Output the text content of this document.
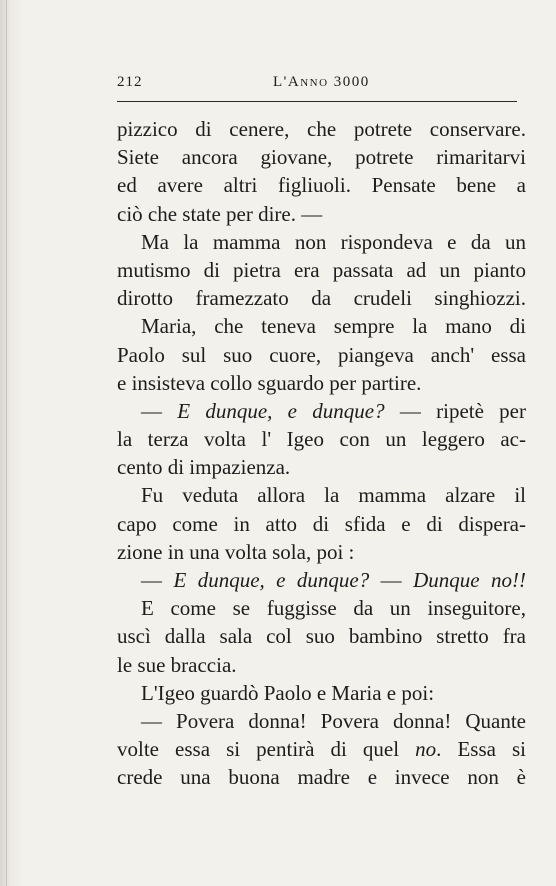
212	L'Anno 3000
pizzico di cenere, che potrete conservare.
Siete ancora giovane, potrete rimaritarvi
ed avere altri figliuoli. Pensate bene a
ciò che state per dire. —
Ma la mamma non rispondeva e da un
mutismo di pietra era passata ad un pianto
dirotto framezzato da crudeli singhiozzi.
Maria, che teneva sempre la mano di
Paolo sul suo cuore, piangeva anch' essa
e insisteva collo sguardo per partire.
— E dunque, e dunque? — ripetè per
la terza volta l' Igeo con un leggero ac-
cento di impazienza.
Fu veduta allora la mamma alzare il
capo come in atto di sfida e di dispera-
zione in una volta sola, poi :
— E dunque, e dunque? — Dunque no!!
E come se fuggisse da un inseguitore,
uscì dalla sala col suo bambino stretto fra
le sue braccia.
L'Igeo guardò Paolo e Maria e poi:
— Povera donna! Povera donna! Quante
volte essa si pentirà di quel no. Essa si
crede una buona madre e invece non è
